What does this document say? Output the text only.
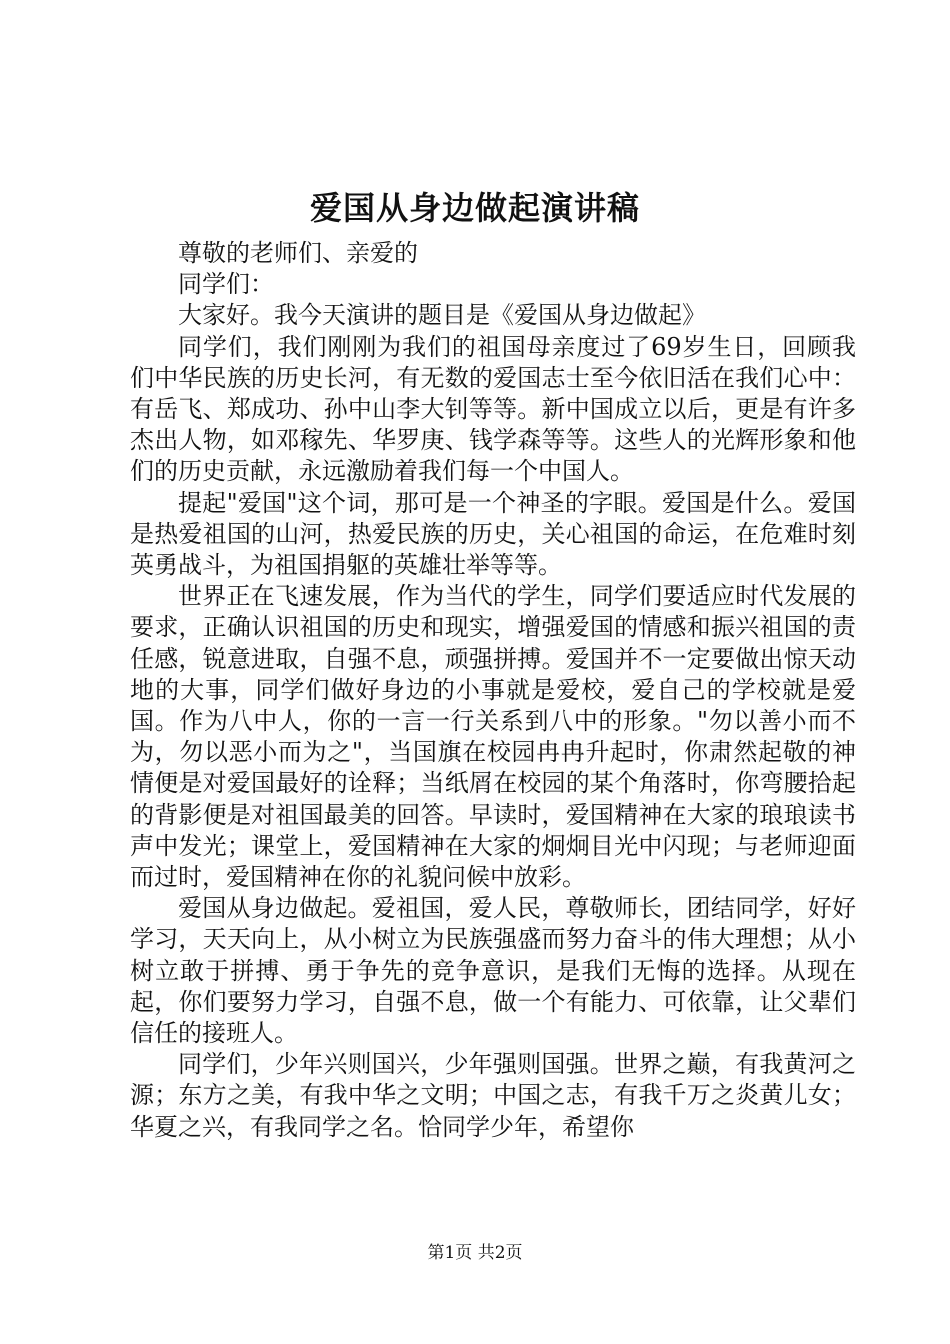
爱国从身边做起演讲稿

尊敬的老师们、亲爱的

同学们：

大家好。我今天演讲的题目是《爱国从身边做起》

同学们，我们刚刚为我们的祖国母亲度过了69岁生日，回顾我们中华民族的历史长河，有无数的爱国志士至今依旧活在我们心中：有岳飞、郑成功、孙中山李大钊等等。新中国成立以后，更是有许多杰出人物，如邓稼先、华罗庚、钱学森等等。这些人的光辉形象和他们的历史贡献，永远激励着我们每一个中国人。

提起"爱国"这个词，那可是一个神圣的字眼。爱国是什么。爱国是热爱祖国的山河，热爱民族的历史，关心祖国的命运，在危难时刻英勇战斗，为祖国捐躯的英雄壮举等等。

世界正在飞速发展，作为当代的学生，同学们要适应时代发展的要求，正确认识祖国的历史和现实，增强爱国的情感和振兴祖国的责任感，锐意进取，自强不息，顽强拼搏。爱国并不一定要做出惊天动地的大事，同学们做好身边的小事就是爱校，爱自己的学校就是爱国。作为八中人，你的一言一行关系到八中的形象。"勿以善小而不为，勿以恶小而为之"，当国旗在校园冉冉升起时，你肃然起敬的神情便是对爱国最好的诠释；当纸屑在校园的某个角落时，你弯腰拾起的背影便是对祖国最美的回答。早读时，爱国精神在大家的琅琅读书声中发光；课堂上，爱国精神在大家的炯炯目光中闪现；与老师迎面而过时，爱国精神在你的礼貌问候中放彩。

爱国从身边做起。爱祖国，爱人民，尊敬师长，团结同学，好好学习，天天向上，从小树立为民族强盛而努力奋斗的伟大理想；从小树立敢于拼搏、勇于争先的竞争意识，是我们无悔的选择。从现在起，你们要努力学习，自强不息，做一个有能力、可依靠，让父辈们信任的接班人。

同学们，少年兴则国兴，少年强则国强。世界之巅，有我黄河之源；东方之美，有我中华之文明；中国之志，有我千万之炎黄儿女；华夏之兴，有我同学之名。恰同学少年，希望你

第1页 共2页
